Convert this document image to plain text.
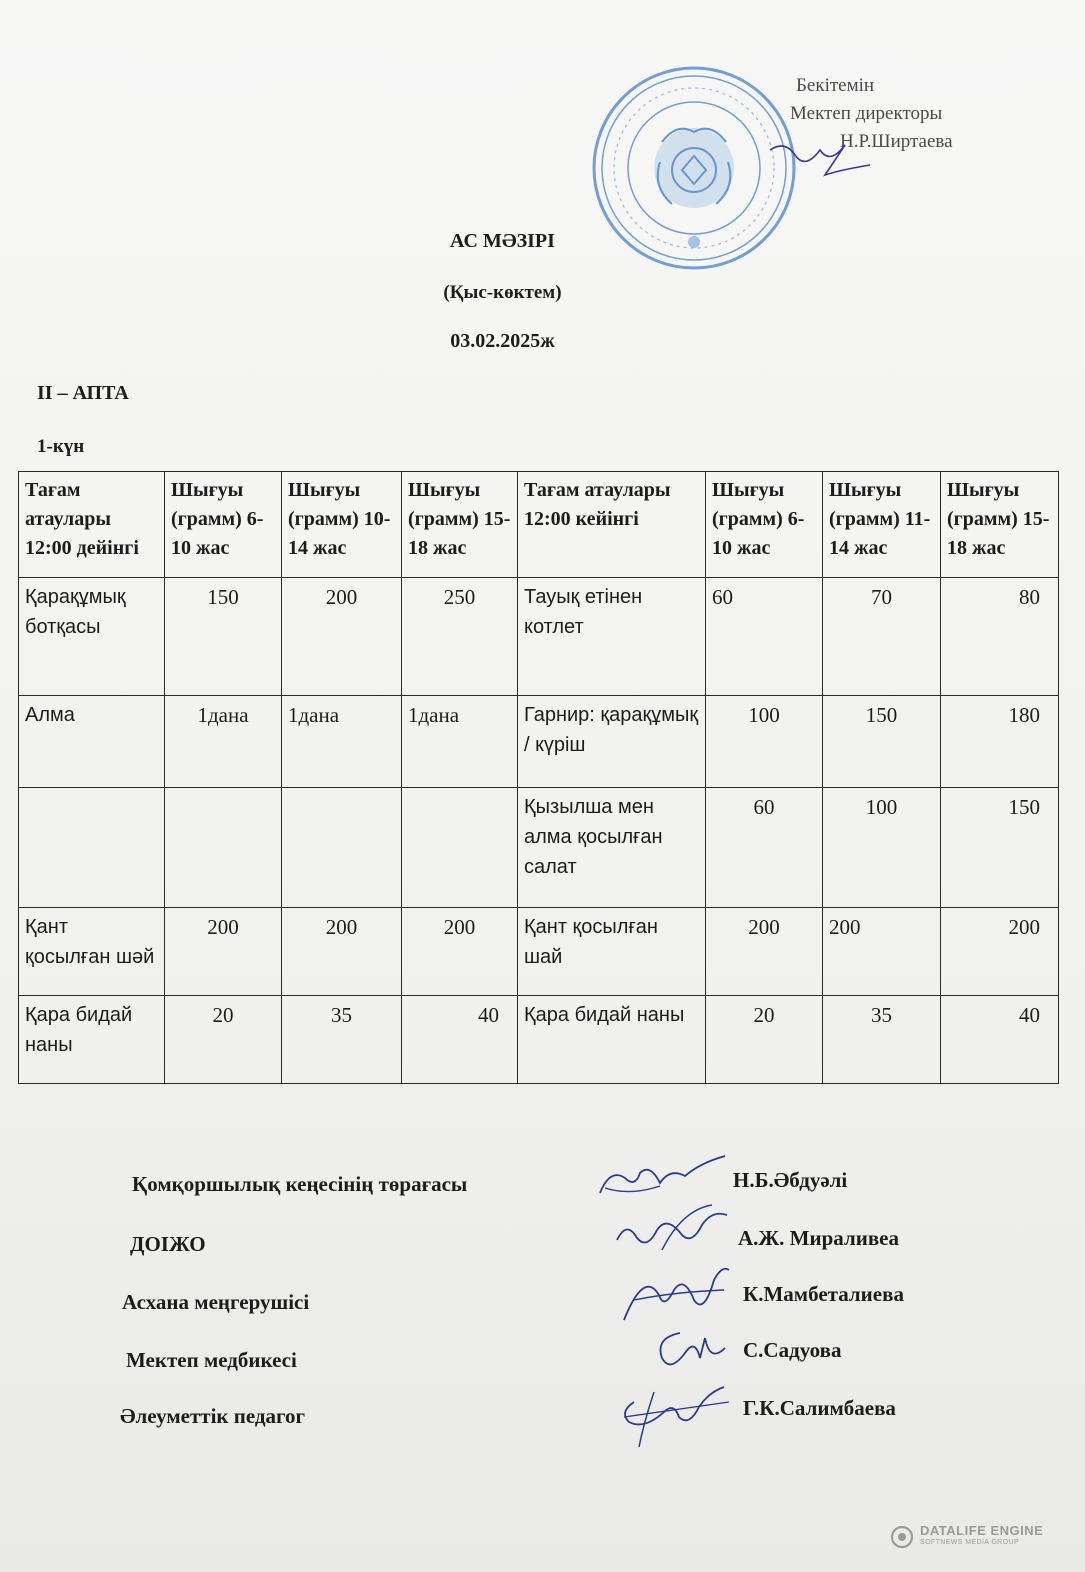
Бекітемін
Мектеп директоры
Н.Р.Ширтаева
АС МӘЗІРІ
(Қыс-көктем)
03.02.2025ж
ІІ – АПТА
1-күн
Тағам атаулары 12:00 дейінгі	Шығуы (грамм) 6-10 жас	Шығуы (грамм) 10-14 жас	Шығуы (грамм) 15-18 жас	Тағам атаулары 12:00 кейінгі	Шығуы (грамм) 6-10 жас	Шығуы (грамм) 11-14 жас	Шығуы (грамм) 15-18 жас
Қарақұмық ботқасы	150	200	250	Тауық етінен котлет	60	70	80
Алма	1дана	1дана	1дана	Гарнир: қарақұмық / күріш	100	150	180
				Қызылша мен алма қосылған салат	60	100	150
Қант қосылған шәй	200	200	200	Қант қосылған шай	200	200	200
Қара бидай наны	20	35	40	Қара бидай наны	20	35	40
Қомқоршылық кеңесінің төрағасы	Н.Б.Әбдуәлі
ДОІЖО	А.Ж. Мираливеа
Асхана меңгерушісі	К.Мамбеталиева
Мектеп медбикесі	С.Садуова
Әлеуметтік педагог	Г.К.Салимбаева
DATALIFE ENGINE
SOFTNEWS MEDIA GROUP
